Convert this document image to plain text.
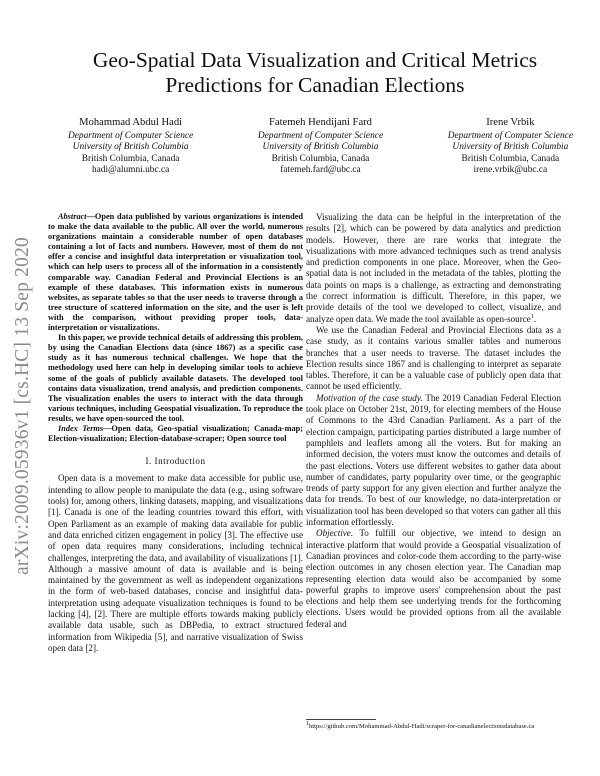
arXiv:2009.05936v1 [cs.HC] 13 Sep 2020
Geo-Spatial Data Visualization and Critical Metrics
Predictions for Canadian Elections
Mohammad Abdul Hadi
Department of Computer Science
University of British Columbia
British Columbia, Canada
hadi@alumni.ubc.ca
Fatemeh Hendijani Fard
Department of Computer Science
University of British Columbia
British Columbia, Canada
fatemeh.fard@ubc.ca
Irene Vrbik
Department of Computer Science
University of British Columbia
British Columbia, Canada
irene.vrbik@ubc.ca

Abstract—Open data published by various organizations is intended to make the data available to the public. All over the world, numerous organizations maintain a considerable number of open databases containing a lot of facts and numbers. However, most of them do not offer a concise and insightful data interpretation or visualization tool, which can help users to process all of the information in a consistently comparable way. Canadian Federal and Provincial Elections is an example of these databases. This information exists in numerous websites, as separate tables so that the user needs to traverse through a tree structure of scattered information on the site, and the user is left with the comparison, without providing proper tools, data-interpretation or visualizations.

In this paper, we provide technical details of addressing this problem, by using the Canadian Elections data (since 1867) as a specific case study as it has numerous technical challenges. We hope that the methodology used here can help in developing similar tools to achieve some of the goals of publicly available datasets. The developed tool contains data visualization, trend analysis, and prediction components. The visualization enables the users to interact with the data through various techniques, including Geospatial visualization. To reproduce the results, we have open-sourced the tool.

Index Terms—Open data, Geo-spatial visualization; Canada-map; Election-visualization; Election-database-scraper; Open source tool

I. Introduction

Open data is a movement to make data accessible for public use, intending to allow people to manipulate the data (e.g., using software tools) for, among others, linking datasets, mapping, and visualizations [1]. Canada is one of the leading countries toward this effort, with Open Parliament as an example of making data available for public and data enriched citizen engagement in policy [3]. The effective use of open data requires many considerations, including technical challenges, interpreting the data, and availability of visualizations [1]. Although a massive amount of data is available and is being maintained by the government as well as independent organizations in the form of web-based databases, concise and insightful data-interpretation using adequate visualization techniques is found to be lacking [4], [2]. There are multiple efforts towards making publicly available data usable, such as DBPedia, to extract structured information from Wikipedia [5], and narrative visualization of Swiss open data [2].

Visualizing the data can be helpful in the interpretation of the results [2], which can be powered by data analytics and prediction models. However, there are rare works that integrate the visualizations with more advanced techniques such as trend analysis and prediction components in one place. Moreover, when the Geo-spatial data is not included in the metadata of the tables, plotting the data points on maps is a challenge, as extracting and demonstrating the correct information is difficult. Therefore, in this paper, we provide details of the tool we developed to collect, visualize, and analyze open data. We made the tool available as open-source$^1$.

We use the Canadian Federal and Provincial Elections data as a case study, as it contains various smaller tables and numerous branches that a user needs to traverse. The dataset includes the Election results since 1867 and is challenging to interpret as separate tables. Therefore, it can be a valuable case of publicly open data that cannot be used efficiently.

Motivation of the case study. The 2019 Canadian Federal Election took place on October 21st, 2019, for electing members of the House of Commons to the 43rd Canadian Parliament. As a part of the election campaign, participating parties distributed a large number of pamphlets and leaflets among all the voters. But for making an informed decision, the voters must know the outcomes and details of the past elections. Voters use different websites to gather data about number of candidates, party popularity over time, or the geographic trends of party support for any given election and further analyze the data for trends. To best of our knowledge, no data-interpretation or visualization tool has been developed so that voters can gather all this information effortlessly.

Objective. To fulfill our objective, we intend to design an interactive platform that would provide a Geospatial visualization of Canadian provinces and color-code them according to the party-wise election outcomes in any chosen election year. The Canadian map representing election data would also be accompanied by some powerful graphs to improve users' comprehension about the past elections and help them see underlying trends for the forthcoming elections. Users would be provided options from all the available federal and

1https://github.com/Mohammad-Abdul-Hadi/scraper-for-canadianelectionsdatabase.ca
